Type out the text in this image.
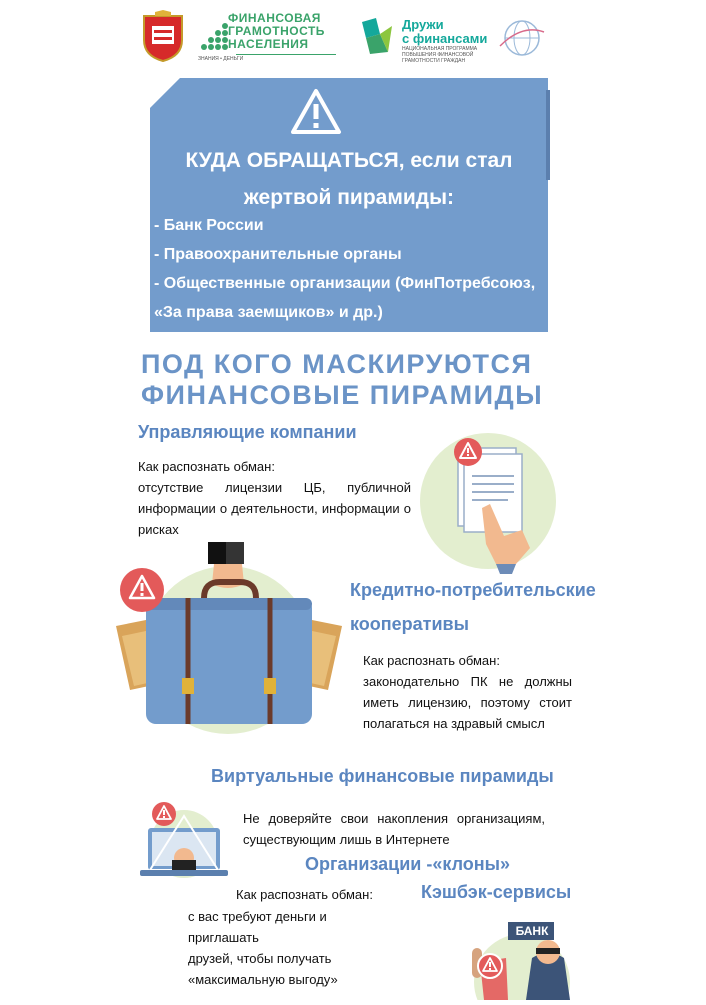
ФИНАНСОВАЯ
ГРАМОТНОСТЬ
НАСЕЛЕНИЯ
ЗНАНИЯ • ДЕНЬГИ
Дружи
с финансами
НАЦИОНАЛЬНАЯ ПРОГРАММА ПОВЫШЕНИЯ ФИНАНСОВОЙ ГРАМОТНОСТИ ГРАЖДАН
КУДА ОБРАЩАТЬСЯ, если стал
жертвой пирамиды:
- Банк России
- Правоохранительные органы
- Общественные организации (ФинПотребсоюз,
«За права заемщиков» и др.)
ПОД КОГО МАСКИРУЮТСЯ
ФИНАНСОВЫЕ ПИРАМИДЫ
Управляющие компании
Как распознать обман:
отсутствие лицензии ЦБ, публичной
информации о деятельности, информации о
рисках
Кредитно-потребительские
кооперативы
Как распознать обман:
законодательно ПК не должны
иметь лицензию, поэтому стоит
полагаться на здравый смысл
Виртуальные финансовые пирамиды
Не доверяйте свои накопления организациям,
существующим лишь в Интернете
Организации -«клоны»
Как распознать обман:	Кэшбэк-сервисы
с вас требуют деньги и приглашать
друзей, чтобы получать
«максимальную выгоду»
БАНК
